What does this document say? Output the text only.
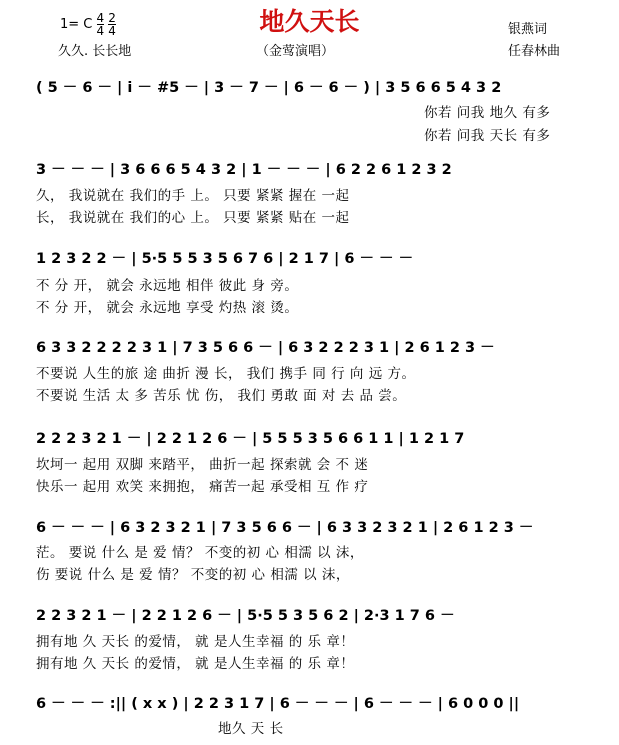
地久天长
1= C $\frac{4}{4}$
$\frac{2}{4}$
久久. 长长地	（金莺演唱）
银燕词
任春林曲
( 5 － 6 － | i － #5 － | 3 － 7 － | 6 － 6 － ) | 3 5 6 6 5 4 3 2
你若 问我 地久 有多
你若 问我 天长 有多
3 － － － | 3 6 6 6 5 4 3 2 | 1 － － － | 6 2 2 6 1 2 3 2
久， 我说就在 我们的手 上。 只要 紧紧 握在 一起
长， 我说就在 我们的心 上。 只要 紧紧 贴在 一起
1 2 3 2 2 － | 5·5 5 5 3 5 6 7 6 | 2 1 7 | 6 － － －
不 分 开， 就会 永远地 相伴 彼此 身 旁。
不 分 开， 就会 永远地 享受 灼热 滚 烫。
6 3 3 2 2 2 2 3 1 | 7 3 5 6 6 － | 6 3 2 2 2 3 1 | 2 6 1 2 3 －
不要说 人生的旅 途 曲折 漫 长， 我们 携手 同 行 向 远 方。
不要说 生活 太 多 苦乐 忧 伤， 我们 勇敢 面 对 去 品 尝。
2 2 2 3 2 1 － | 2 2 1 2 6 － | 5 5 5 3 5 6 6 1 1 | 1 2 1 7
坎坷一 起用 双脚 来踏平， 曲折一起 探索就 会 不 迷
快乐一 起用 欢笑 来拥抱， 痛苦一起 承受相 互 作 疗
6 － － － | 6 3 2 3 2 1 | 7 3 5 6 6 － | 6 3 3 2 3 2 1 | 2 6 1 2 3 －
茫。 要说 什么 是 爱 情？ 不变的初 心 相濡 以 沫，
伤 要说 什么 是 爱 情？ 不变的初 心 相濡 以 沫，
2 2 3 2 1 － | 2 2 1 2 6 － | 5·5 5 3 5 6 2 | 2·3 1 7 6 －
拥有地 久 天长 的爱情， 就 是人生幸福 的 乐 章！
拥有地 久 天长 的爱情， 就 是人生幸福 的 乐 章！
6 － － － :|| ( x x ) | 2 2 3 1 7 | 6 － － － | 6 － － － | 6 0 0 0 ||
地久 天 长
